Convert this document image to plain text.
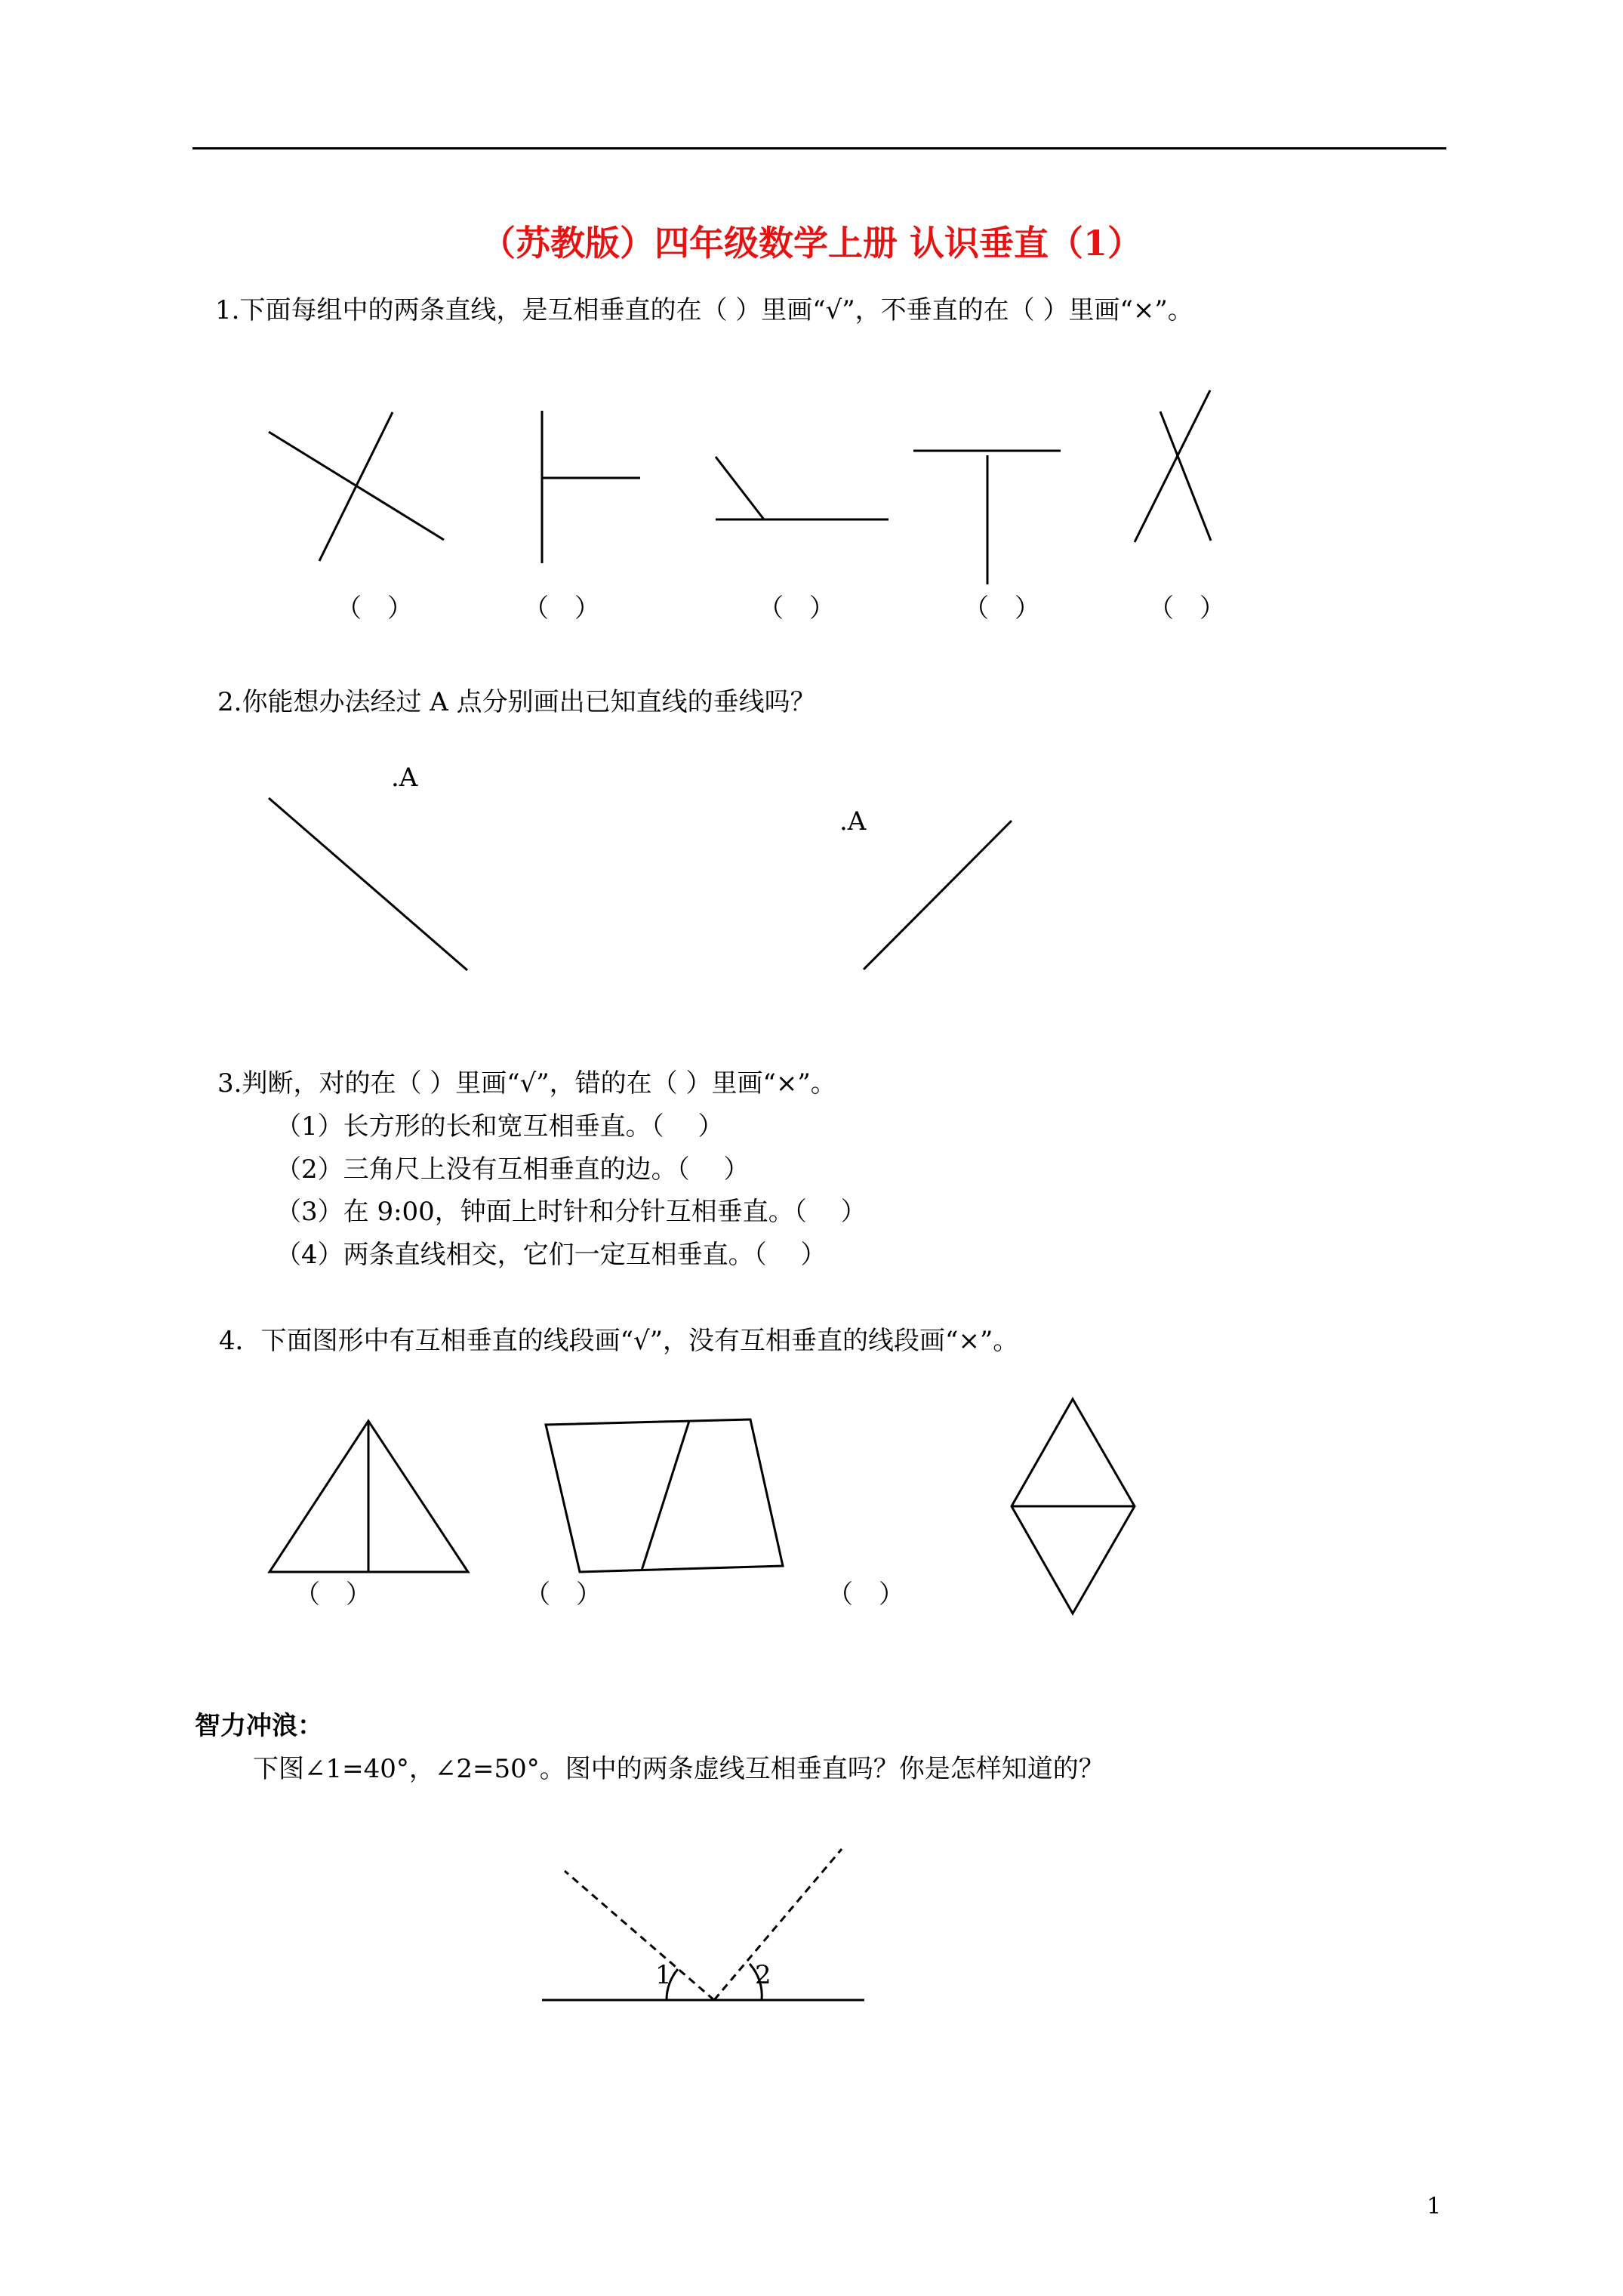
（苏教版）四年级数学上册 认识垂直（1）
1.下面每组中的两条直线，是互相垂直的在（ ）里画“√”，不垂直的在（ ）里画“×”。
（　）	（　）	（　）	（　）	（　）
2.你能想办法经过 A 点分别画出已知直线的垂线吗？
.A
.A
3.判断，对的在（ ）里画“√”，错的在（ ）里画“×”。
（1）长方形的长和宽互相垂直。（　 ）
（2）三角尺上没有互相垂直的边。（　 ）
（3）在 9:00，钟面上时针和分针互相垂直。（　 ）
（4）两条直线相交，它们一定互相垂直。（　 ）
4．下面图形中有互相垂直的线段画“√”，没有互相垂直的线段画“×”。
（　）	（　）	（　）
智力冲浪：
下图∠1=40°，∠2=50°。图中的两条虚线互相垂直吗？你是怎样知道的？
1	2
1
